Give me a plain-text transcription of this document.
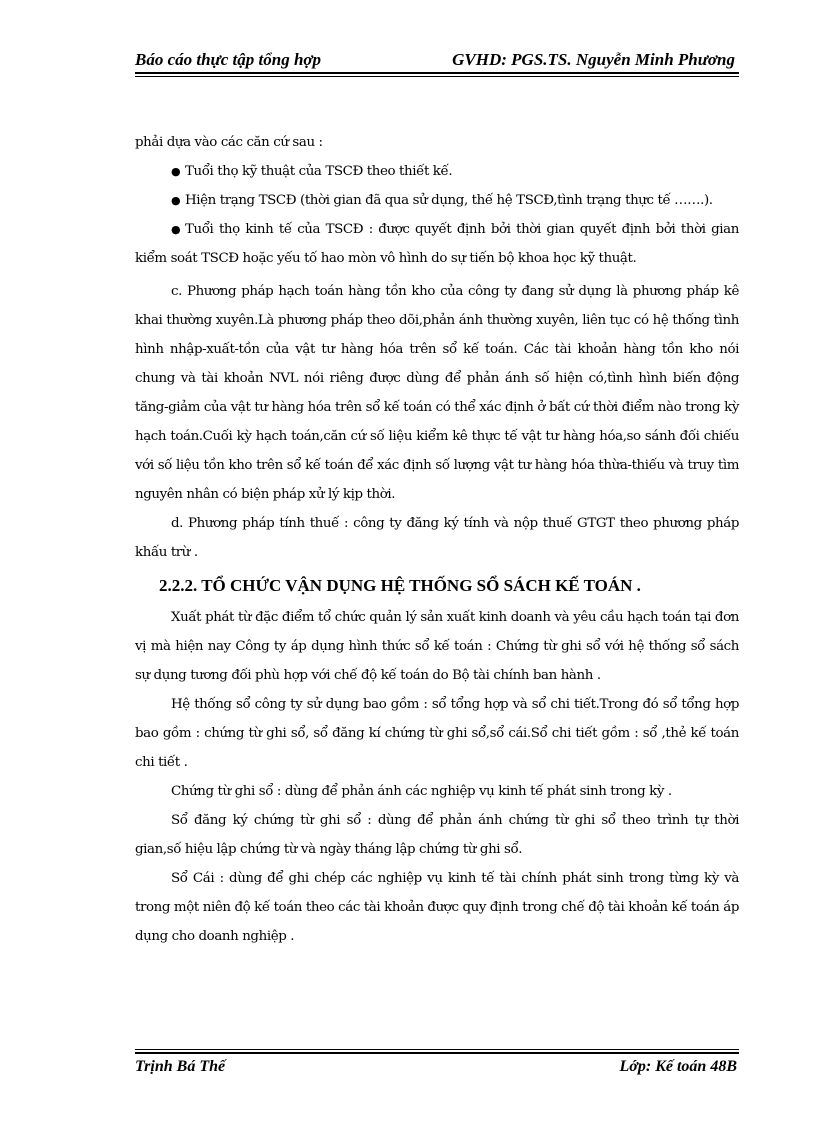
Báo cáo thực tập tổng hợp	GVHD: PGS.TS. Nguyễn Minh Phương

phải dựa vào các căn cứ sau :

● Tuổi thọ kỹ thuật của TSCĐ theo thiết kế.

● Hiện trạng TSCĐ (thời gian đã qua sử dụng, thế hệ TSCĐ,tình trạng thực tế …….).

● Tuổi thọ kinh tế của TSCĐ : được quyết định bởi thời gian quyết định bởi thời gian kiểm soát TSCĐ hoặc yếu tố hao mòn vô hình do sự tiến bộ khoa học kỹ thuật.

c. Phương pháp hạch toán hàng tồn kho của công ty đang sử dụng là phương pháp kê khai thường xuyên.Là phương pháp theo dõi,phản ánh thường xuyên, liên tục có hệ thống tình hình nhập-xuất-tồn của vật tư hàng hóa trên sổ kế toán. Các tài khoản hàng tồn kho nói chung và tài khoản NVL nói riêng được dùng để phản ánh số hiện có,tình hình biến động tăng-giảm của vật tư hàng hóa trên sổ kế toán có thể xác định ở bất cứ thời điểm nào trong kỳ hạch toán.Cuối kỳ hạch toán,căn cứ số liệu kiểm kê thực tế vật tư hàng hóa,so sánh đối chiếu với số liệu tồn kho trên sổ kế toán để xác định số lượng vật tư hàng hóa thừa-thiếu và truy tìm nguyên nhân có biện pháp xử lý kịp thời.

d. Phương pháp tính thuế : công ty đăng ký tính và nộp thuế GTGT theo phương pháp khấu trừ .

2.2.2. TỔ CHỨC VẬN DỤNG HỆ THỐNG SỔ SÁCH KẾ TOÁN .

Xuất phát từ đặc điểm tổ chức quản lý sản xuất kinh doanh và yêu cầu hạch toán tại đơn vị mà hiện nay Công ty áp dụng hình thức sổ kế toán : Chứng từ ghi sổ với hệ thống sổ sách sự dụng tương đối phù hợp với chế độ kế toán do Bộ tài chính ban hành .

Hệ thống sổ công ty sử dụng bao gồm : sổ tổng hợp và sổ chi tiết.Trong đó sổ tổng hợp bao gồm : chứng từ ghi sổ, sổ đăng kí chứng từ ghi sổ,sổ cái.Sổ chi tiết gồm : sổ ,thẻ kế toán chi tiết .

Chứng từ ghi sổ : dùng để phản ánh các nghiệp vụ kinh tế phát sinh trong kỳ .

Sổ đăng ký chứng từ ghi sổ : dùng để phản ánh chứng từ ghi sổ theo trình tự thời gian,số hiệu lập chứng từ và ngày tháng lập chứng từ ghi sổ.

Sổ Cái : dùng để ghi chép các nghiệp vụ kinh tế tài chính phát sinh trong từng kỳ và trong một niên độ kế toán theo các tài khoản được quy định trong chế độ tài khoản kế toán áp dụng cho doanh nghiệp .

Trịnh Bá Thế	Lớp: Kế toán 48B
